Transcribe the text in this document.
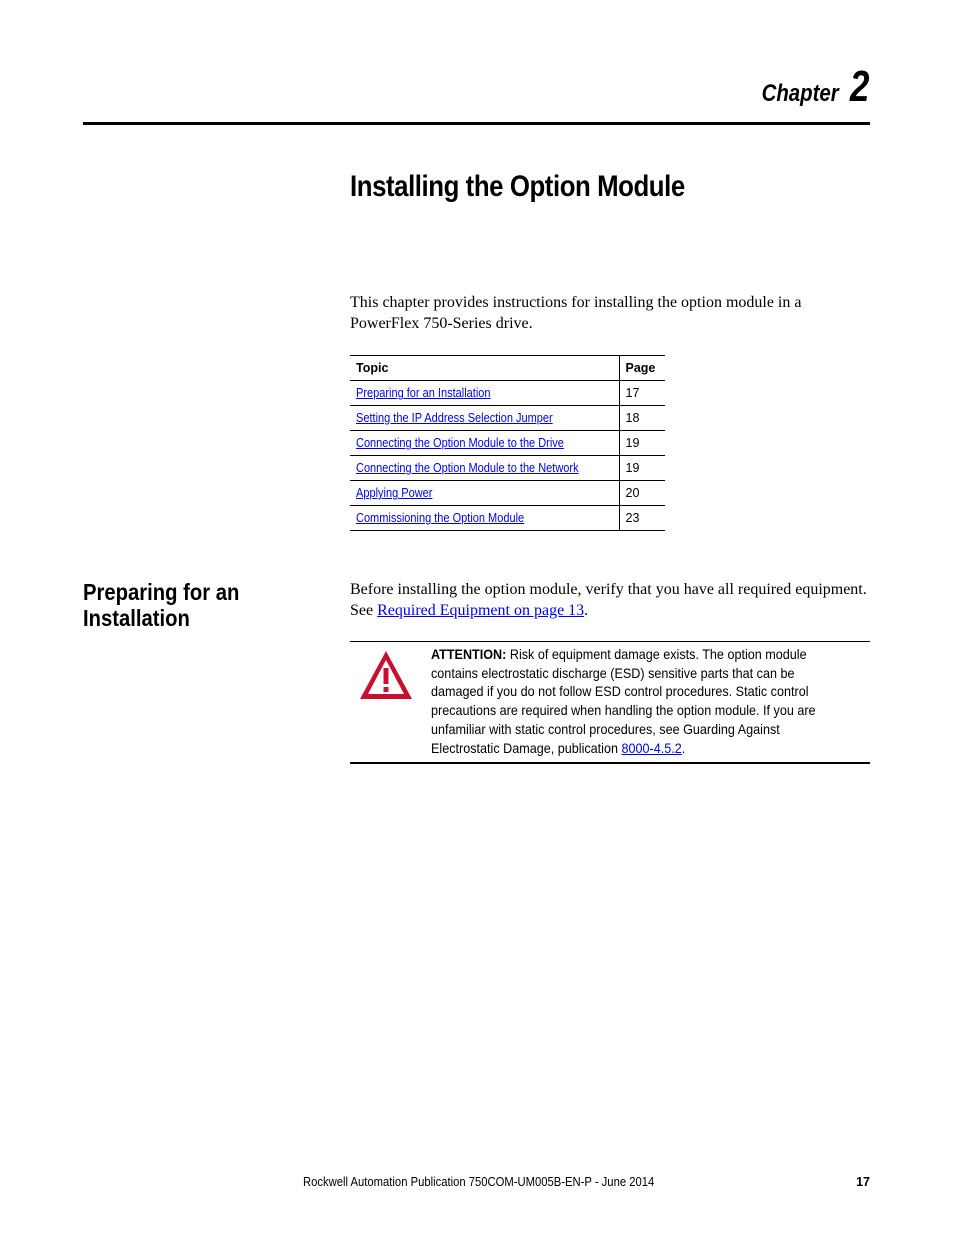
Chapter 2
Installing the Option Module

This chapter provides instructions for installing the option module in a PowerFlex 750-Series drive.

Topic	Page
Preparing for an Installation	17
Setting the IP Address Selection Jumper	18
Connecting the Option Module to the Drive	19
Connecting the Option Module to the Network	19
Applying Power	20
Commissioning the Option Module	23
Preparing for an Installation

Before installing the option module, verify that you have all required equipment. See Required Equipment on page 13.

ATTENTION: Risk of equipment damage exists. The option module contains electrostatic discharge (ESD) sensitive parts that can be damaged if you do not follow ESD control procedures. Static control precautions are required when handling the option module. If you are unfamiliar with static control procedures, see Guarding Against Electrostatic Damage, publication 8000-4.5.2.

Rockwell Automation Publication 750COM-UM005B-EN-P - June 2014	17
